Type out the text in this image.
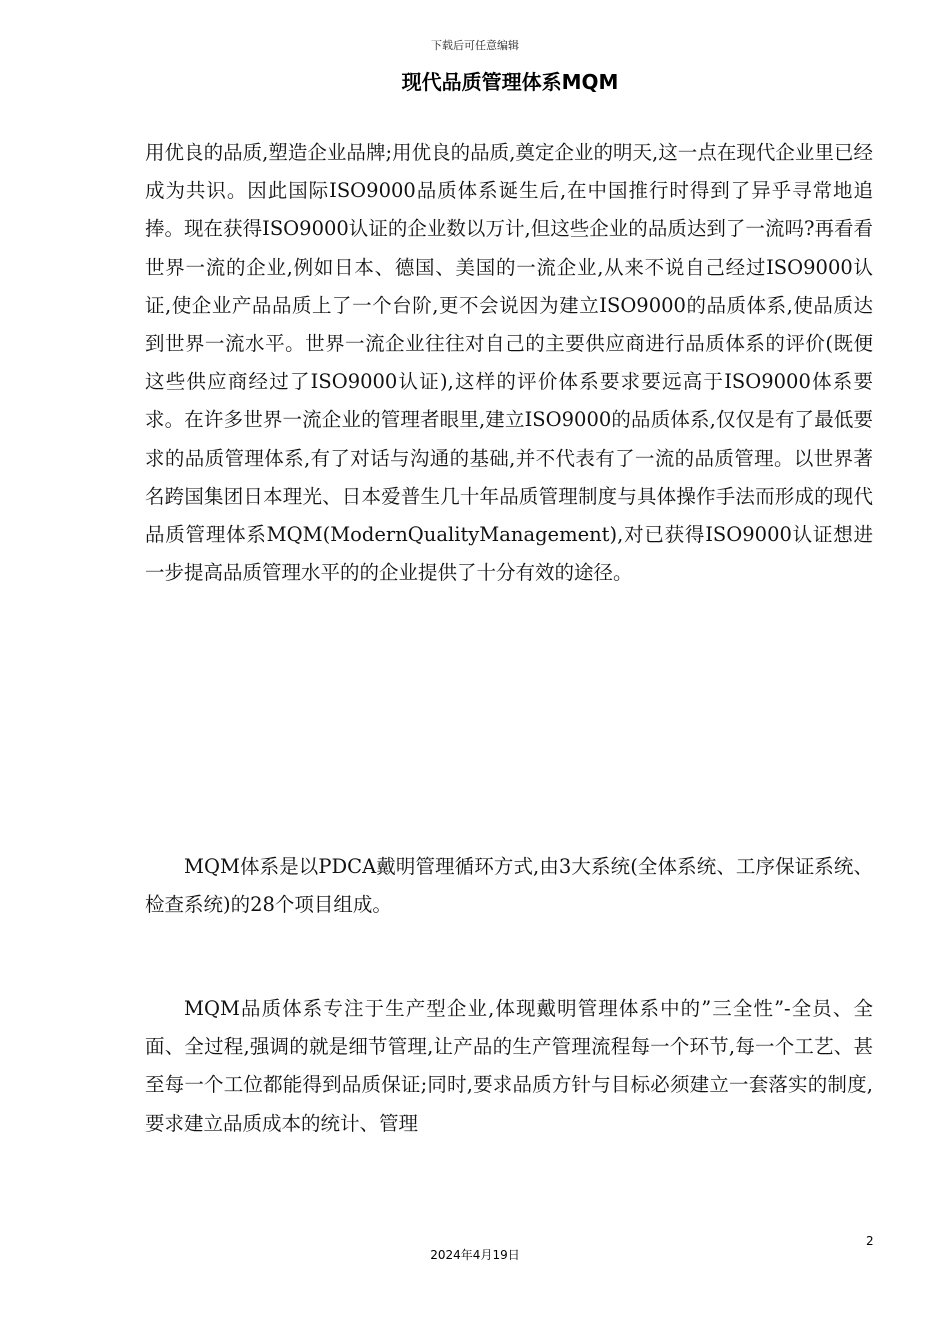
下载后可任意编辑
现代品质管理体系MQM

用优良的品质,塑造企业品牌;用优良的品质,奠定企业的明天,这一点在现代企业里已经成为共识。因此国际ISO9000品质体系诞生后,在中国推行时得到了异乎寻常地追捧。现在获得ISO9000认证的企业数以万计,但这些企业的品质达到了一流吗?再看看世界一流的企业,例如日本、德国、美国的一流企业,从来不说自己经过ISO9000认证,使企业产品品质上了一个台阶,更不会说因为建立ISO9000的品质体系,使品质达到世界一流水平。世界一流企业往往对自己的主要供应商进行品质体系的评价(既便这些供应商经过了ISO9000认证),这样的评价体系要求要远高于ISO9000体系要求。在许多世界一流企业的管理者眼里,建立ISO9000的品质体系,仅仅是有了最低要求的品质管理体系,有了对话与沟通的基础,并不代表有了一流的品质管理。以世界著名跨国集团日本理光、日本爱普生几十年品质管理制度与具体操作手法而形成的现代品质管理体系MQM(ModernQualityManagement),对已获得ISO9000认证想进一步提高品质管理水平的的企业提供了十分有效的途径。

MQM体系是以PDCA戴明管理循环方式,由3大系统(全体系统、工序保证系统、检查系统)的28个项目组成。

MQM品质体系专注于生产型企业,体现戴明管理体系中的”三全性”-全员、全面、全过程,强调的就是细节管理,让产品的生产管理流程每一个环节,每一个工艺、甚至每一个工位都能得到品质保证;同时,要求品质方针与目标必须建立一套落实的制度,要求建立品质成本的统计、管理

2
2024年4月19日
